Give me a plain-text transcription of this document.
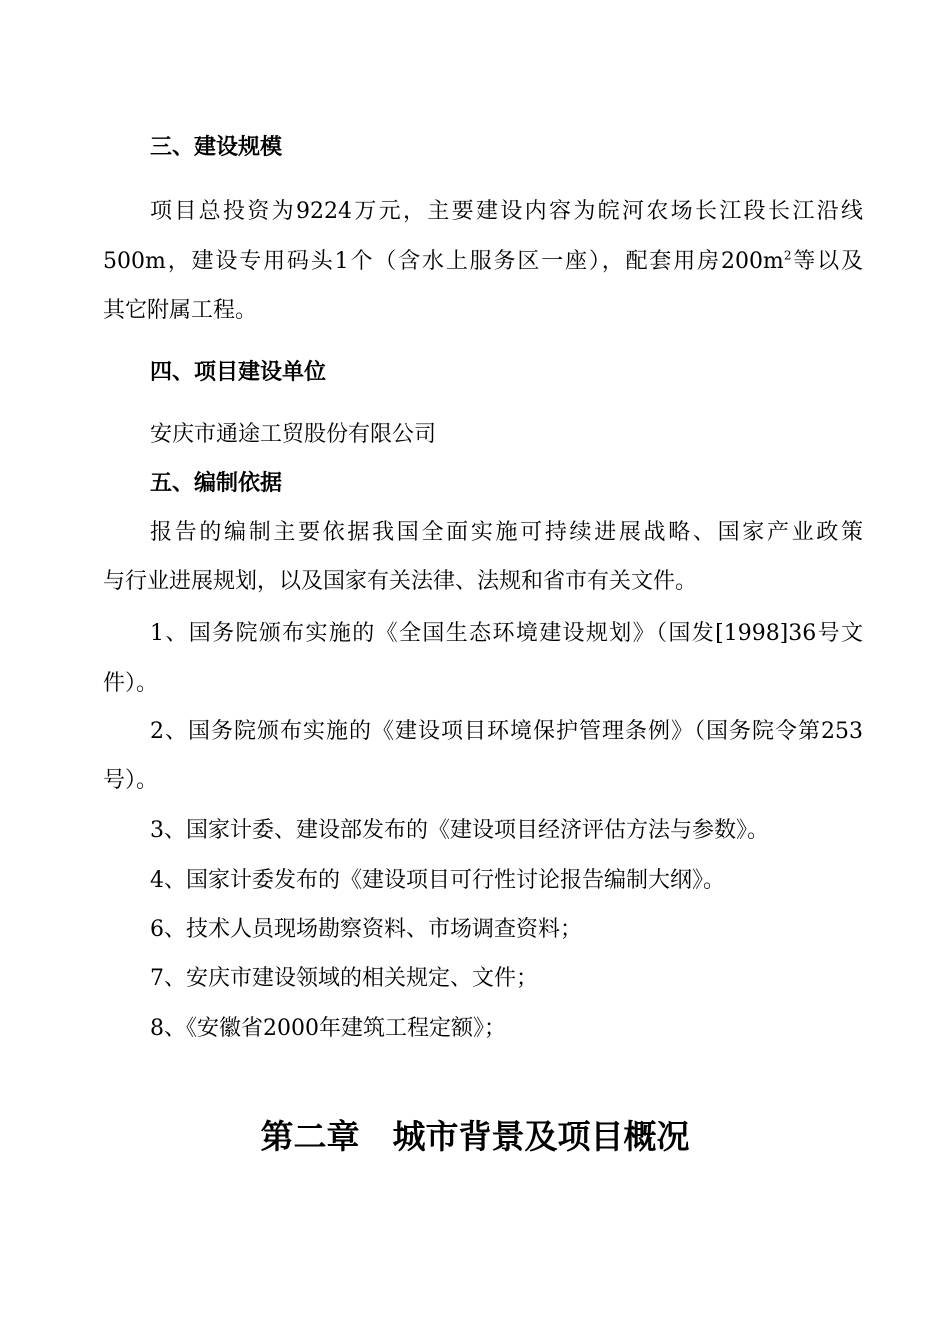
三、建设规模
项目总投资为9224万元，主要建设内容为皖河农场长江段长江沿线
500m，建设专用码头1个（含水上服务区一座），配套用房$200m^2$等以及
其它附属工程。
四、项目建设单位
安庆市通途工贸股份有限公司
五、编制依据
报告的编制主要依据我国全面实施可持续进展战略、国家产业政策
与行业进展规划，以及国家有关法律、法规和省市有关文件。
1、国务院颁布实施的《全国生态环境建设规划》（国发[1998]36号文
件）。
2、国务院颁布实施的《建设项目环境保护管理条例》（国务院令第253
号）。
3、国家计委、建设部发布的《建设项目经济评估方法与参数》。
4、国家计委发布的《建设项目可行性讨论报告编制大纲》。
6、技术人员现场勘察资料、市场调查资料；
7、安庆市建设领域的相关规定、文件；
8、《安徽省2000年建筑工程定额》；
第二章　城市背景及项目概况
